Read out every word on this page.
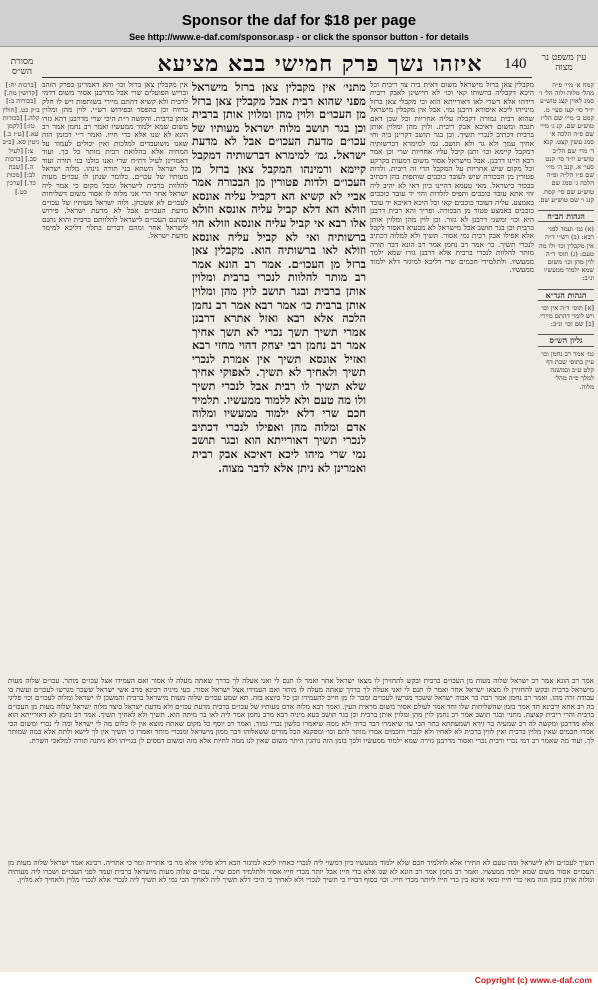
Sponsor the daf for $18 per page
See http://www.e-daf.com/sponsor.asp - or click the sponsor button - for details
עין משפט נר מצוה
140
איזהו נשך פרק חמישי בבא מציעא
מסורת הש״ס

קמח א׳ מיי׳ פ״ה מהל׳ מלוה ולוה הל׳ ו׳ סמג לאוין קצג טוש״ע יו״ד סי׳ קעז סעי׳ מ. קמט ב׳ מיי׳ שם הל״ז טוש״ע שם. קנ ג׳ מיי׳ שם פ״ה הלכה א׳ סמג עשין קצט. קנא ד׳ מיי׳ שם הל״ב טוש״ע יו״ד סי׳ קנט סעי׳ א. קנב ה׳ מיי׳ שם פ״ו הל״ה ופ״ה הלכה ג׳ סמג שם טוש״ע שם סי׳ קסח. קנג ו׳ שם טוש״ע שם.

הגהות הב״ח

(א) גמ׳ ועמד לפני רבא: (ב) רש״י ד״ה אין מקבלין וכו׳ ולו מה טעם: (ג) תוס׳ ד״ה לוין מהן וכו׳ משום שמא ילמוד ממעשיו ונ״ב:

הגהות הגר״א

[א] תוס׳ ד״ה אין וכו׳ ויש לומר דהתם מיירי. [ב] שם וכו׳ ונ״ב:

גליון הש״ס

גמ׳ אמר רב נחמן וכו׳ עיין בתוס׳ שבת דף קלט ע״ב ובמשנה למלך פ״ה מהל׳ מלוה.

מקבלין צאן ברזל מישראל משום דאית ביה צד ריבית וכל היכא דקבליה ברשותו קאי וכו׳ לא חיישינן לאבק ריבית דידהו אלא דשרי לאו דאורייתא הוא וכי מקבלי צאן ברזל מינייהו ליכא איסורא דרבנן נמי. אבל אין מקבלין מישראל שהוא רבית גמורה דקבלה עליה אחריות וכל שכן דאם תגבה ומשום דאיכא אבק ריבית. ולוין מהן ומלוין אותן ברבית דכתיב לנכרי תשיך. וכן בגר תושב דקרינן ביה וחי אחיך עמך ולא גר ולא תושב. גמ׳ למימרא דברשותיה דמקבל קיימא וכו׳ ותנן קיבל עליו אחריות שרי וכן אמר רבא היינו דרבנן. אבל מישראל אסור משום דמעות בקרקע וכל מקום שיש אחריות על המקבל הרי זה ריבית. ולדות פטורין מן הבכורה שיש לעובד כוכבים שותפות בהן דכתיב בבכור בישראל. מאי טעמא דהיינו כיון דאי לא יהיב ליה זוזי אתא עובד כוכבים ותפיס לולדות והוי יד עובד כוכבים באמצע. עליה דעובד כוכבים קאי וכל היכא דאיכא יד עובד כוכבים באמצע פטור מן הבכורה. ופריך והא רבית דרבנן היא וכו׳ ומשני דרבנן לא גזור. וכן לוין מהן ומלוין אותן ברבית וכן בגר תושב אבל מישראל לא מבעיא דאסור לקבל אלא אפילו אבק רבית נמי אסור. תשיך ולא למלוה דכתיב לנכרי תשיך. כו׳ אמר רב נחמן אמר רב הונא דבר תורה מותר להלוות לנכרי ברבית אלא דרבנן גזרו שמא ילמד ממעשיו. ולתלמידי חכמים שרי דליכא למיגזר דלא ילמוד ממעשיו.

מתני׳ אין מקבלין צאן ברזל מישראל מפני שהוא רבית אבל מקבלין צאן ברזל מן העכו״ם ולוין מהן ומלוין אותן ברבית וכן בגר תושב מלוה ישראל מעותיו של עכו״ם מדעת העכו״ם אבל לא מדעת ישראל. גמ׳ למימרא דברשותיה דמקבל קיימא ורמינהו המקבל צאן ברזל מן העכו״ם ולדות פטורין מן הבכורה אמר אביי לא קשיא הא דקביל עליה אונסא וזולא הא דלא קביל עליה אונסא וזולא אלו רבא אי קביל עליה אונסא וזולא הוי ברשותיה ואי לא קביל עליה אונסא וזולא לאו ברשותיה הוא. מקבלין צאן ברזל מן העכו״ם. אמר רב הונא אמר רב מותר להלוות לנכרי ברבית ומלוין אותן ברבית ובגר תושב לוין מהן ומלוין אותן ברבית כו׳ אמר רבא אמר רב נחמן הלכה אלא רבא ואזל אתרא דרבנן אמרי תשיך תשך נכרי לא תשך אחיך אמר רב נחמן רבי יצחק דהוי מחזי רבא ואזיל אונסא תשיך אין אמרת לנכרי תשיך ולאחיך לא תשיך. לאפוקי אחיך שלא תשיך לו רבית אבל לנכרי תשיך ולו מה טעם ולא ללמוד ממעשיו. תלמיד חכם שרי דלא ילמוד ממעשיו ומלוה אדם ומלוה מהן ואפילו לנכרי דכתיב לנכרי תשיך דאורייתא הוא ובגר תושב נמי שרי מיהו ליכא דאיכא אבק רבית ואמרינן לא ניתן אלא לדבר מצוה.

אין מקבלין צאן ברזל וכו׳ והא דאמרינן בפרק הזהב ובריש הפועלים שרי אבל מדרבנן אסור משום דדמי לרבית ולא קשיא דהתם מיירי בשותפות ויש לו חלק ברווח וכן בהפסד ובפירוש רש״י. לוין מהן ומלוין אותן ברבית. והקשה ר״ת היכי שרי מדרבנן דהא גזרו משום שמא ילמוד ממעשיו ואמר רב נחמן אמר רב הונא לא שנו אלא כדי חייו. ואמר ר״י דבזמן הזה שאנו משועבדים למלכות ואין יכולים לעמוד על המחיה אלא בהלואת רבית מותר כל כך. ועוד דאמרינן לעיל דת״ח שרי ואנו כולנו בני תורה ועוד כל ישראל השתא בני תורה נינהו. מלוה ישראל מעותיו של עכו״ם. כלומר שנתן לו עכו״ם מעות להלוות ברבית לישראל ומכל מקום כי אמר ליה ישראל אחר הרי אני מלוה לו אסור משום דשליחות לעכו״ם לא אשכחן. ולוה ישראל מעותיו של עכו״ם מדעת העכו״ם אבל לא מדעת ישראל. פירוש שנתנם העכו״ם לישראל להלוותם ברבית והוא נתנם לישראל אחר ומהם דברים בתלוי דליכא למימר מדעת ישראל.

[ברכות יח:] [קדושין מה.] [בכורות ב:] ב״ק כט. [חולין קלה.] [בכורות טז:] [לקמן עא.] [ע״ז כ.] גיטין סא. [ב״ב צ:] [לעיל סב.] [ברכות ה.] [שבת לב:] [מכות כד.] [ערכין כט.]

אמר רב הונא אמר רב ישראל שלוה מעות מן העכו״ם ברבית ובקש להחזירן לו מצאו ישראל אחר ואמר לו תנם לי ואני אעלה לך כדרך שאתה מעלה לו אסור ואם העמידו אצל עכו״ם מותר. עכו״ם שלוה מעות מישראל ברבית ובקש להחזירן לו מצאו ישראל אחר ואמר לו תנם לי ואני אעלה לך כדרך שאתה מעלה לו מותר ואם העמידו אצל ישראל אסור. בעי מיניה רבינא מרב אשי ישראל ששכר מגרשו לעכו״ם ועשה בו עבודה זרה מהו. ואמר רב נחמן אמר רבה בר אבוה ישראל ששכר מגרשו לעכו״ם ומכר לו מן חייב להעמידו וכן כל כיוצא בזה. תא שמע עכו״ם שלוה מעות מישראל ברבית והמשכן לו ישראל ומלוה לעכו״ם וכו׳ פליגי בה רב אחא ורבינא חד אמר בזמן שהשליחות שלו וחד אמר לעולם אסור משום מראית העין. ואמר רבא מלוה אדם מעותיו של עכו״ם ברבית מדעת עכו״ם ולא מדעת ישראל כיצד מלוה ישראל שלוה מעות מן העכו״ם ברבית והרי ריבית קצוצה. מתני׳ ובגר תושב אמר רב נחמן לוין מהן ומלוין אותן ברבית וכן בגר תושב בעא מיניה רבא מרב נחמן אמר ליה לאו בר מיתה הוא. תשיך ולא לאחיך תשיך. אמר רב נחמן לא דאורייתא הוא אלא מדרבנן ומקשה לה רב שמעיה בר זירא ושמעתתא בתר הכי עד שיאמרו דבר ברור ולא ממה שיאמרו בלשון נכרי גמור. ואמר רב יוסף כל מקום שאתה מוצא אין לו כלום מה לי ישראל ומה לי נכרי ומשום הכי אמרו חכמים שאין מלוין ברבית ואין לווין ברבית לא לאחיו ולא לנכרי וחכמים אמרו מותר להם וכו׳ ומסקנא הכל מודים ששאלוהו דבר ממון מישראל ומנכרי מותר ואמרו כי תשיך אין לך לישא ולתת אלא במה שמותר לך. ועוד מה שאמר רב דמי נכרי ורבית נכרי ואסור מדרבנן גזירה שמא ילמוד ממעשיו ולכך בזמן הזה נוהגין היתר משום שאין לנו ממה לחיות אלא מזה ומשום דמסים לן בגוייהו ולא ניתנה תורה למלאכי השרת.

תשיך לעכו״ם ולא לישראל ומה טעם לא התירו אלא לתלמיד חכם שלא ילמוד ממעשיו כיון דמשוי ליה לנכרי כאחיו ליכא למיגזר הכא דלא פליגי אלא מר כי אתריה ומר כי אתריה. רבינא אמר ישראל שלוה מעות מן העכו״ם אסור משום שמא ילמד ממעשיו. ואמר רב נחמן אמר רב הונא לא שנו אלא כדי חייו אבל יותר מכדי חייו אסור ולתלמיד חכם שרי. עכו״ם שלוה מעות מישראל ברבית ועמד לפני העכו״ם ושכרו ליה מעותיה ומלוה אותן בזמן הזה מאי כדי חייו ומאי איכא בין כדי חייו ליותר מכדי חייו. וכו׳ בסוף דבריו כי תשיך לנכרי ולא לאחיך כי היכי דלא תשיך ליה לאחיך הכי נמי לא תשיך ליה לנכרי אלא לנכרי מלוין ולאחיך לא מלוין.

Copyright (c) www.e-daf.com
